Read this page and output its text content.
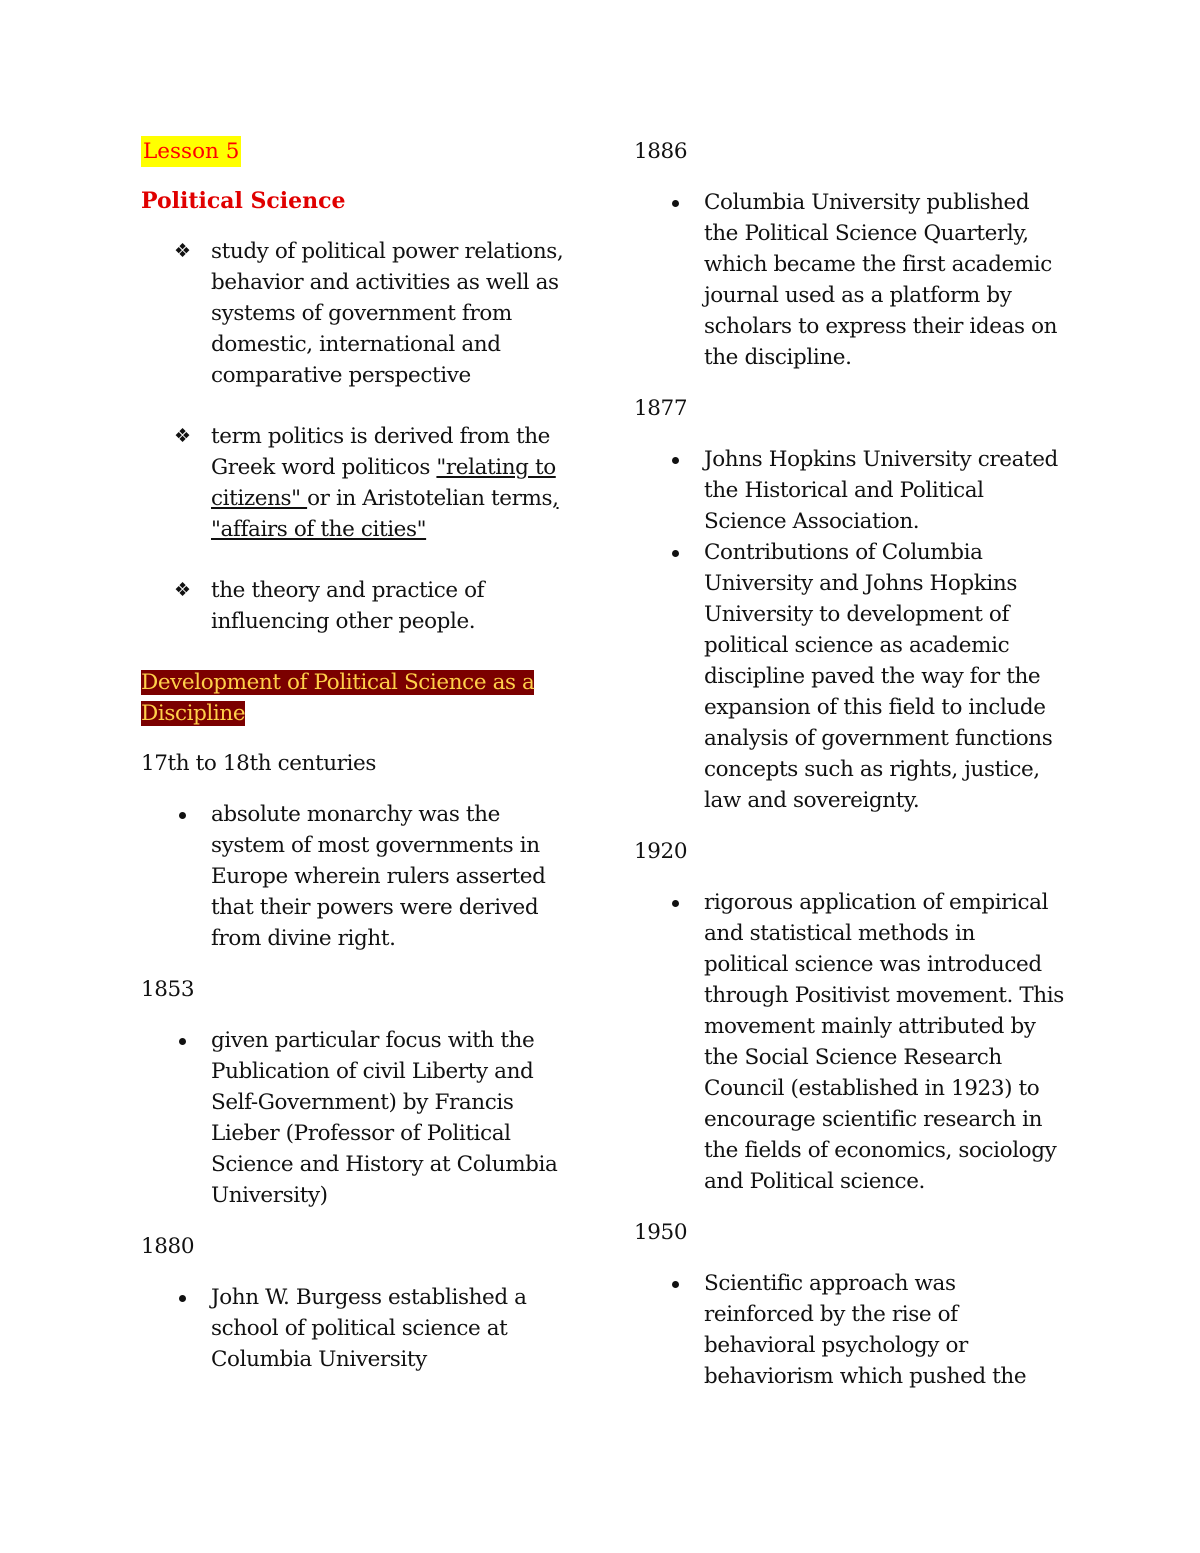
Lesson 5

Political Science

❖ study of political power relations, behavior and activities as well as systems of government from domestic, international and comparative perspective
❖ term politics is derived from the Greek word politicos "relating to citizens" or in Aristotelian terms, "affairs of the cities"
❖ the theory and practice of influencing other people.
Development of Political Science as a Discipline

17th to 18th centuries

absolute monarchy was the system of most governments in Europe wherein rulers asserted that their powers were derived from divine right.

1853

given particular focus with the Publication of civil Liberty and Self-Government) by Francis Lieber (Professor of Political Science and History at Columbia University)

1880

John W. Burgess established a school of political science at Columbia University

1886

Columbia University published the Political Science Quarterly, which became the first academic journal used as a platform by scholars to express their ideas on the discipline.

1877

Johns Hopkins University created the Historical and Political Science Association.
Contributions of Columbia University and Johns Hopkins University to development of political science as academic discipline paved the way for the expansion of this field to include analysis of government functions concepts such as rights, justice, law and sovereignty.

1920

rigorous application of empirical and statistical methods in political science was introduced through Positivist movement. This movement mainly attributed by the Social Science Research Council (established in 1923) to encourage scientific research in the fields of economics, sociology and Political science.

1950

Scientific approach was reinforced by the rise of behavioral psychology or behaviorism which pushed the
